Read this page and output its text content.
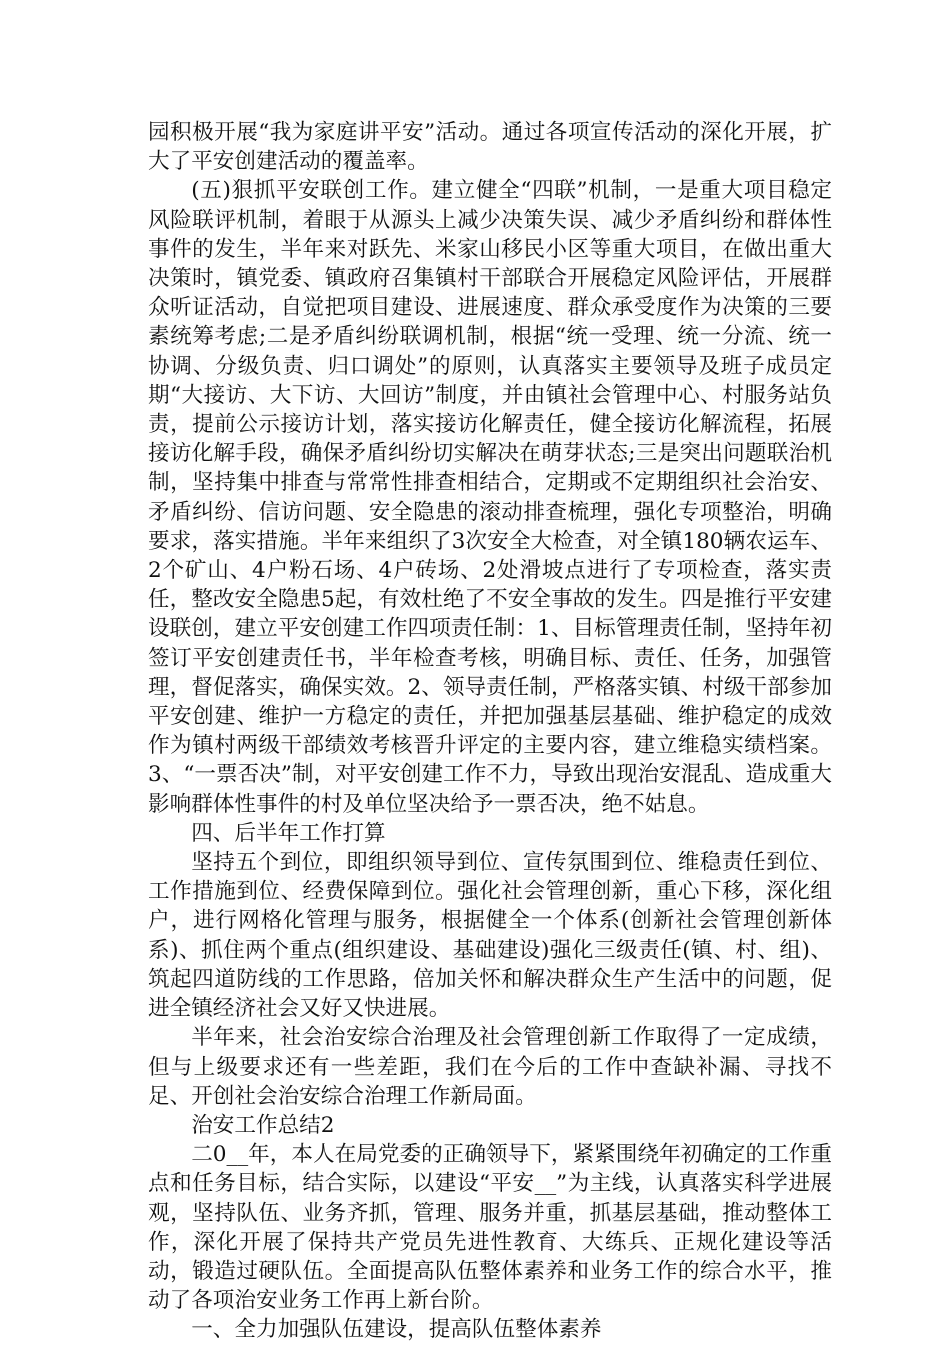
园积极开展“我为家庭讲平安”活动。通过各项宣传活动的深化开展，扩大了平安创建活动的覆盖率。

(五)狠抓平安联创工作。建立健全“四联”机制，一是重大项目稳定风险联评机制，着眼于从源头上减少决策失误、减少矛盾纠纷和群体性事件的发生，半年来对跃先、米家山移民小区等重大项目，在做出重大决策时，镇党委、镇政府召集镇村干部联合开展稳定风险评估，开展群众听证活动，自觉把项目建设、进展速度、群众承受度作为决策的三要素统筹考虑;二是矛盾纠纷联调机制，根据“统一受理、统一分流、统一协调、分级负责、归口调处”的原则，认真落实主要领导及班子成员定期“大接访、大下访、大回访”制度，并由镇社会管理中心、村服务站负责，提前公示接访计划，落实接访化解责任，健全接访化解流程，拓展接访化解手段，确保矛盾纠纷切实解决在萌芽状态;三是突出问题联治机制，坚持集中排查与常常性排查相结合，定期或不定期组织社会治安、矛盾纠纷、信访问题、安全隐患的滚动排查梳理，强化专项整治，明确要求，落实措施。半年来组织了3次安全大检查，对全镇180辆农运车、2个矿山、4户粉石场、4户砖场、2处滑坡点进行了专项检查，落实责任，整改安全隐患5起，有效杜绝了不安全事故的发生。四是推行平安建设联创，建立平安创建工作四项责任制：1、目标管理责任制，坚持年初签订平安创建责任书，半年检查考核，明确目标、责任、任务，加强管理，督促落实，确保实效。2、领导责任制，严格落实镇、村级干部参加平安创建、维护一方稳定的责任，并把加强基层基础、维护稳定的成效作为镇村两级干部绩效考核晋升评定的主要内容，建立维稳实绩档案。3、“一票否决”制，对平安创建工作不力，导致出现治安混乱、造成重大影响群体性事件的村及单位坚决给予一票否决，绝不姑息。

四、后半年工作打算

坚持五个到位，即组织领导到位、宣传氛围到位、维稳责任到位、工作措施到位、经费保障到位。强化社会管理创新，重心下移，深化组户，进行网格化管理与服务，根据健全一个体系(创新社会管理创新体系)、抓住两个重点(组织建设、基础建设)强化三级责任(镇、村、组)、筑起四道防线的工作思路，倍加关怀和解决群众生产生活中的问题，促进全镇经济社会又好又快进展。

半年来，社会治安综合治理及社会管理创新工作取得了一定成绩，但与上级要求还有一些差距，我们在今后的工作中查缺补漏、寻找不足、开创社会治安综合治理工作新局面。

治安工作总结2

二0__年，本人在局党委的正确领导下，紧紧围绕年初确定的工作重点和任务目标，结合实际，以建设“平安__”为主线，认真落实科学进展观，坚持队伍、业务齐抓，管理、服务并重，抓基层基础，推动整体工作，深化开展了保持共产党员先进性教育、大练兵、正规化建设等活动，锻造过硬队伍。全面提高队伍整体素养和业务工作的综合水平，推动了各项治安业务工作再上新台阶。

一、全力加强队伍建设，提高队伍整体素养
